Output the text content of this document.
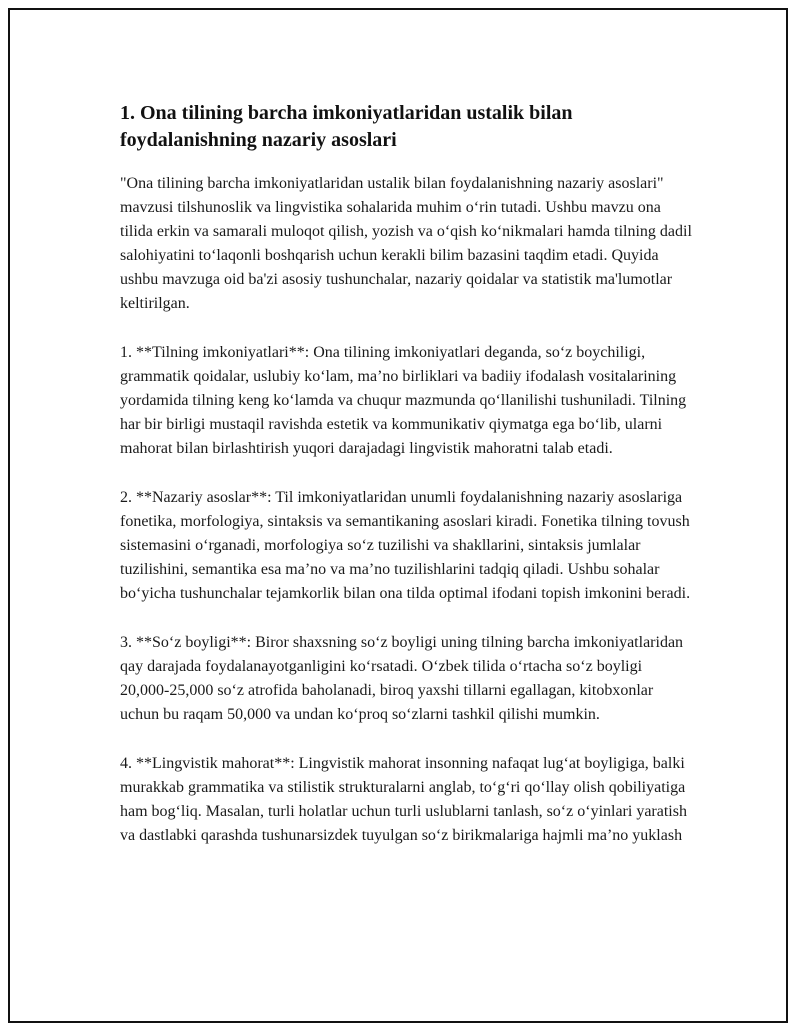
1. Ona tilining barcha imkoniyatlaridan ustalik bilan foydalanishning nazariy asoslari

"Ona tilining barcha imkoniyatlaridan ustalik bilan foydalanishning nazariy asoslari" mavzusi tilshunoslik va lingvistika sohalarida muhim o‘rin tutadi. Ushbu mavzu ona tilida erkin va samarali muloqot qilish, yozish va o‘qish ko‘nikmalari hamda tilning dadil salohiyatini to‘laqonli boshqarish uchun kerakli bilim bazasini taqdim etadi. Quyida ushbu mavzuga oid ba'zi asosiy tushunchalar, nazariy qoidalar va statistik ma'lumotlar keltirilgan.

1. **Tilning imkoniyatlari**: Ona tilining imkoniyatlari deganda, so‘z boychiligi, grammatik qoidalar, uslubiy ko‘lam, ma’no birliklari va badiiy ifodalash vositalarining yordamida tilning keng ko‘lamda va chuqur mazmunda qo‘llanilishi tushuniladi. Tilning har bir birligi mustaqil ravishda estetik va kommunikativ qiymatga ega bo‘lib, ularni mahorat bilan birlashtirish yuqori darajadagi lingvistik mahoratni talab etadi.

2. **Nazariy asoslar**: Til imkoniyatlaridan unumli foydalanishning nazariy asoslariga fonetika, morfologiya, sintaksis va semantikaning asoslari kiradi. Fonetika tilning tovush sistemasini o‘rganadi, morfologiya so‘z tuzilishi va shakllarini, sintaksis jumlalar tuzilishini, semantika esa ma’no va ma’no tuzilishlarini tadqiq qiladi. Ushbu sohalar bo‘yicha tushunchalar tejamkorlik bilan ona tilda optimal ifodani topish imkonini beradi.

3. **So‘z boyligi**: Biror shaxsning so‘z boyligi uning tilning barcha imkoniyatlaridan qay darajada foydalanayotganligini ko‘rsatadi. O‘zbek tilida o‘rtacha so‘z boyligi 20,000-25,000 so‘z atrofida baholanadi, biroq yaxshi tillarni egallagan, kitobxonlar uchun bu raqam 50,000 va undan ko‘proq so‘zlarni tashkil qilishi mumkin.

4. **Lingvistik mahorat**: Lingvistik mahorat insonning nafaqat lug‘at boyligiga, balki murakkab grammatika va stilistik strukturalarni anglab, to‘g‘ri qo‘llay olish qobiliyatiga ham bog‘liq. Masalan, turli holatlar uchun turli uslublarni tanlash, so‘z o‘yinlari yaratish va dastlabki qarashda tushunarsizdek tuyulgan so‘z birikmalariga hajmli ma’no yuklash
